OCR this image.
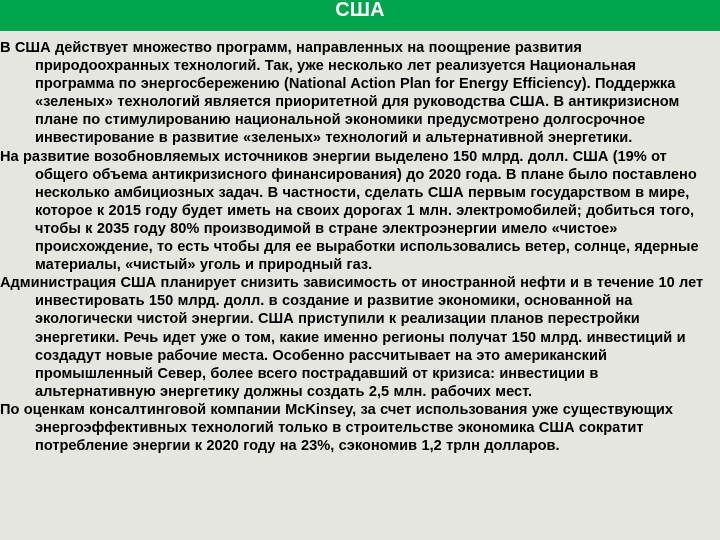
США

В США действует множество программ, направленных на поощрение развития природоохранных технологий. Так, уже несколько лет реализуется Национальная программа по энергосбережению (National Action Plan for Energy Efficiency). Поддержка «зеленых» технологий является приоритетной для руководства США. В антикризисном плане по стимулированию национальной экономики предусмотрено долгосрочное инвестирование в развитие «зеленых» технологий и альтернативной энергетики.

На развитие возобновляемых источников энергии выделено 150 млрд. долл. США (19% от общего объема антикризисного финансирования) до 2020 года. В плане было поставлено несколько амбициозных задач. В частности, сделать США первым государством в мире, которое к 2015 году будет иметь на своих дорогах 1 млн. электромобилей; добиться того, чтобы к 2035 году 80% производимой в стране электроэнергии имело «чистое» происхождение, то есть чтобы для ее выработки использовались ветер, солнце, ядерные материалы, «чистый» уголь и природный газ.

Администрация США планирует снизить зависимость от иностранной нефти и в течение 10 лет инвестировать 150 млрд. долл. в создание и развитие экономики, основанной на экологически чистой энергии. США приступили к реализации планов перестройки энергетики. Речь идет уже о том, какие именно регионы получат 150 млрд. инвестиций и создадут новые рабочие места. Особенно рассчитывает на это американский промышленный Север, более всего пострадавший от кризиса: инвестиции в альтернативную энергетику должны создать 2,5 млн. рабочих мест.

По оценкам консалтинговой компании McKinsey, за счет использования уже существующих энергоэффективных технологий только в строительстве экономика США сократит потребление энергии к 2020 году на 23%, сэкономив 1,2 трлн долларов.
